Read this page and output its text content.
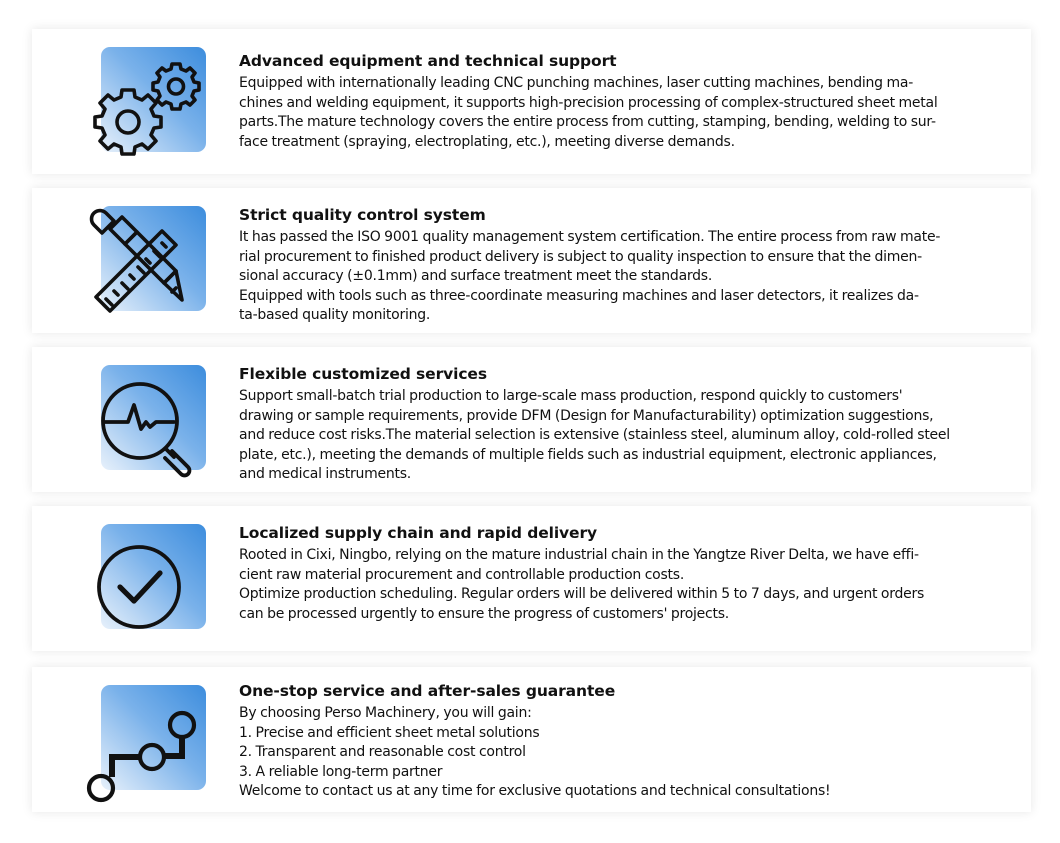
Advanced equipment and technical support

Equipped with internationally leading CNC punching machines, laser cutting machines, bending ma-
chines and welding equipment, it supports high-precision processing of complex-structured sheet metal
parts.The mature technology covers the entire process from cutting, stamping, bending, welding to sur-
face treatment (spraying, electroplating, etc.), meeting diverse demands.

Strict quality control system

It has passed the ISO 9001 quality management system certification. The entire process from raw mate-
rial procurement to finished product delivery is subject to quality inspection to ensure that the dimen-
sional accuracy (±0.1mm) and surface treatment meet the standards.
Equipped with tools such as three-coordinate measuring machines and laser detectors, it realizes da-
ta-based quality monitoring.

Flexible customized services

Support small-batch trial production to large-scale mass production, respond quickly to customers'
drawing or sample requirements, provide DFM (Design for Manufacturability) optimization suggestions,
and reduce cost risks.The material selection is extensive (stainless steel, aluminum alloy, cold-rolled steel
plate, etc.), meeting the demands of multiple fields such as industrial equipment, electronic appliances,
and medical instruments.

Localized supply chain and rapid delivery

Rooted in Cixi, Ningbo, relying on the mature industrial chain in the Yangtze River Delta, we have effi-
cient raw material procurement and controllable production costs.
Optimize production scheduling. Regular orders will be delivered within 5 to 7 days, and urgent orders
can be processed urgently to ensure the progress of customers' projects.

One-stop service and after-sales guarantee

By choosing Perso Machinery, you will gain:
1. Precise and efficient sheet metal solutions
2. Transparent and reasonable cost control
3. A reliable long-term partner
Welcome to contact us at any time for exclusive quotations and technical consultations!
